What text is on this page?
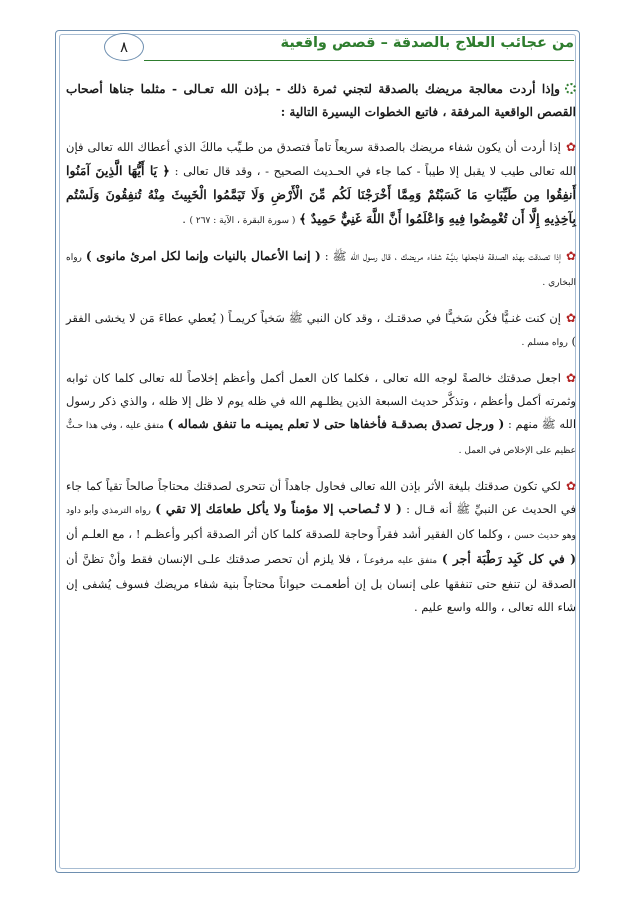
٨	من عجائب العلاج بالصدقة – قصص واقعية

وإذا أردت معالجة مريضك بالصدقة لتجني ثمرة ذلك - بـإذن الله تعـالى - مثلما جناها أصحاب القصص الواقعية المرفقة ، فاتبع الخطوات اليسيرة التالية :

✿إذا أردت أن يكون شفاء مريضك بالصدقة سريعاً تاماً فتصدق من طـيِّب مالكَ الذي أعطاك الله تعالى فإن الله تعالى طيب لا يقبل إلا طيباً - كما جاء في الحـديث الصحيح - ، وقد قال تعالى : ﴿ يَا أَيُّهَا الَّذِينَ آمَنُوا أَنفِقُوا مِن طَيِّبَاتِ مَا كَسَبْتُمْ وَمِمَّا أَخْرَجْنَا لَكُم مِّنَ الْأَرْضِ وَلَا تَيَمَّمُوا الْخَبِيثَ مِنْهُ تُنفِقُونَ وَلَسْتُم بِآخِذِيهِ إِلَّا أَن تُغْمِضُوا فِيهِ وَاعْلَمُوا أَنَّ اللَّهَ غَنِيٌّ حَمِيدٌ ﴾ ( سورة البقرة ، الآية : ٢٦٧ ) .

✿إذا تصدقت بهذه الصدقة فاجعلها بنيَّـة شفـاء مريضك ، قال رسول الله ﷺ : ( إنما الأعمال بالنيات وإنما لكل امرئ مانوى ) رواه البخاري .

✿إن كنت غنـيًّا فكُن سَخيـًّا في صدقتـك ، وقد كان النبي ﷺ سَخياً كريمـاً ( يُعطي عطاءَ مَن لا يخشى الفقر ) رواه مسلم .

✿اجعل صدقتك خالصةً لوجه الله تعالى ، فكلما كان العمل أكمل وأعظم إخلاصاً لله تعالى كلما كان ثوابه وثمرته أكمل وأعظم ، وتذكَّر حديث السبعة الذين يظلـهم الله في ظله يوم لا ظل إلا ظله ، والذي ذكر رسول الله ﷺ منهم : ( ورجل تصدق بصدقـة فأخفاها حتى لا تعلم يمينـه ما تنفق شماله ) متفق عليه ، وفي هذا حـثٌّ عظيم على الإخلاص في العمل .

✿لكي تكون صدقتك بليغة الأثر بإذن الله تعالى فحاول جاهداً أن تتحرى لصدقتك محتاجاً صالحاً تقياً كما جاء في الحديث عن النبيِّ ﷺ أنه قـال : ( لا تُـصاحب إلا مؤمناً ولا يأكل طعامَك إلا تقي ) رواه الترمذي وأبو داود وهو حديث حسن ، وكلما كان الفقير أشد فقراً وحاجة للصدقة كلما كان أثر الصدقة أكبر وأعظـم ! ، مع العلـم أن ( في كل كَبِد رَطْبَة أجر ) متفق عليه مرفوعـاً ، فلا يلزم أن تحصر صدقتك علـى الإنسان فقط وأنْ تظنَّ أن الصدقة لن تنفع حتى تنفقها على إنسان بل إن أطعمـت حيواناً محتاجاً بنية شفاء مريضك فسوف يُشفى إن شاء الله تعالى ، والله واسع عليم .
